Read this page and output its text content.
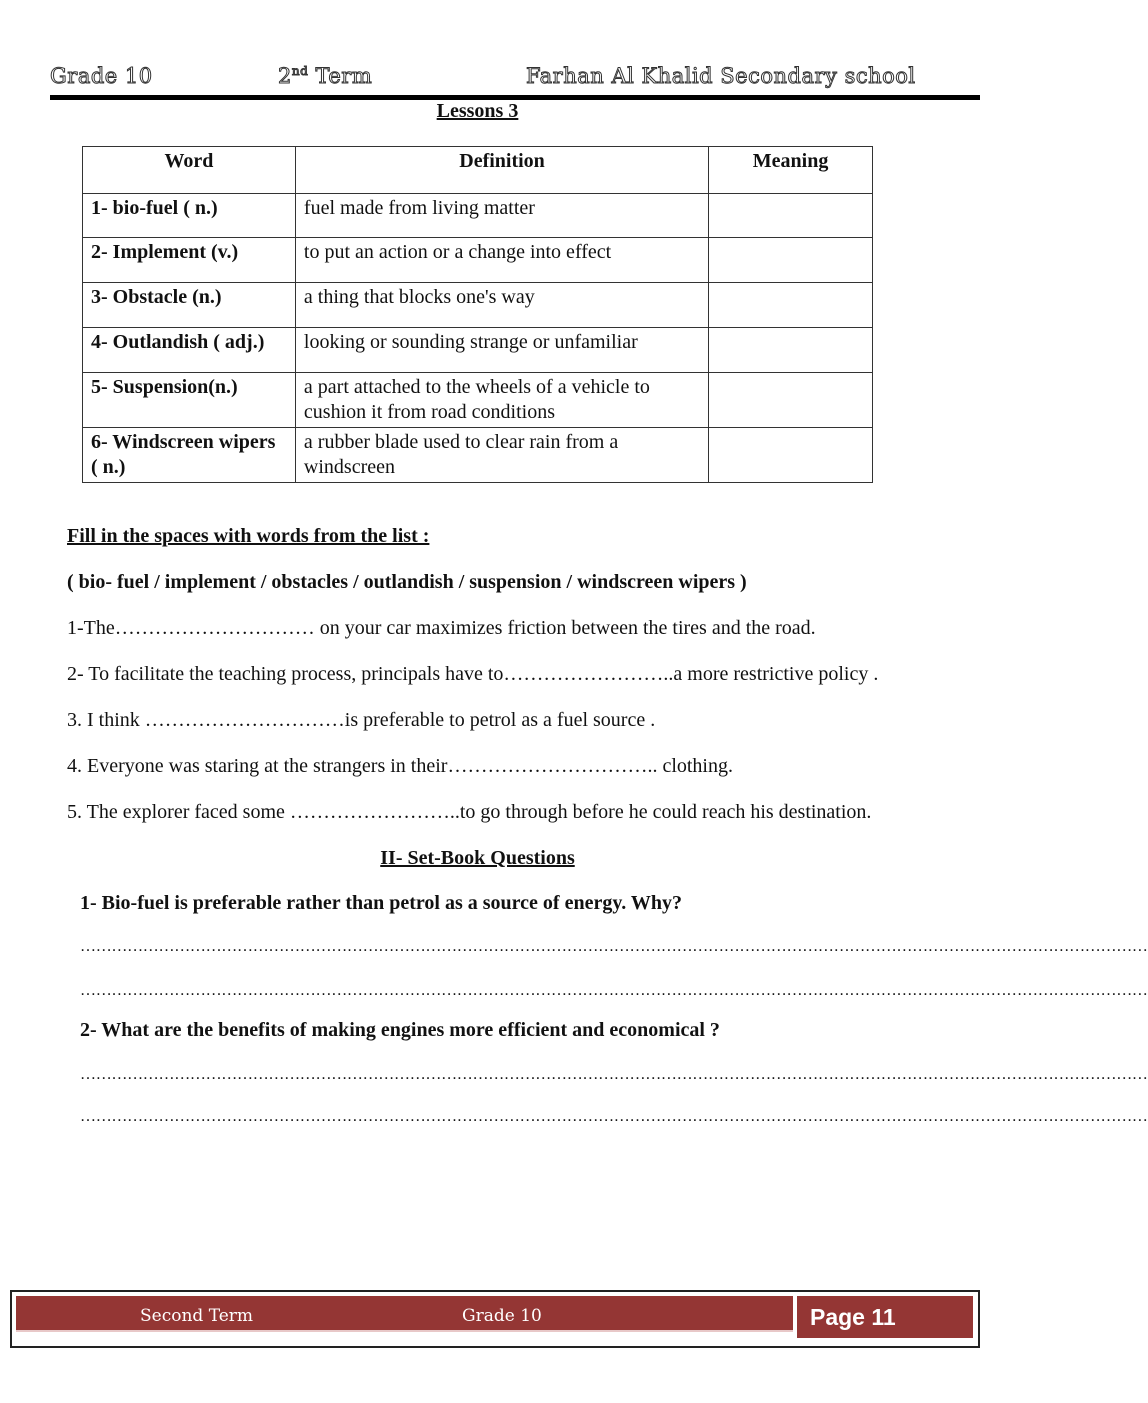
Grade 10	2nd Term	Farhan Al Khalid Secondary school
Lessons 3
Word	Definition	Meaning
1- bio-fuel ( n.)	fuel made from living matter	
2- Implement (v.)	to put an action or a change into effect	
3- Obstacle (n.)	a thing that blocks one's way	
4- Outlandish ( adj.)	looking or sounding strange or unfamiliar	
5- Suspension(n.)	a part attached to the wheels of a vehicle to cushion it from road conditions	
6- Windscreen wipers ( n.)	a rubber blade used to clear rain from a windscreen	
Fill in the spaces with words from the list :
( bio- fuel / implement / obstacles / outlandish / suspension / windscreen wipers )
1-The………………………… on your car maximizes friction between the tires and the road.
2- To facilitate the teaching process, principals have to……………………..a more restrictive policy .
3. I think …………………………is preferable to petrol as a fuel source .
4. Everyone was staring at the strangers in their………………………….. clothing.
5. The explorer faced some ……………………..to go through before he could reach his destination.
II- Set-Book Questions
1- Bio-fuel is preferable rather than petrol as a source of energy. Why?
……………………………………………………………………………………………………………………………………………………………………………………
……………………………………………………………………………………………………………………………………………………………………………………
2- What are the benefits of making engines more efficient and economical ?
……………………………………………………………………………………………………………………………………………………………………………………
……………………………………………………………………………………………………………………………………………………………………………………
Second Term	Grade 10	Page 11
